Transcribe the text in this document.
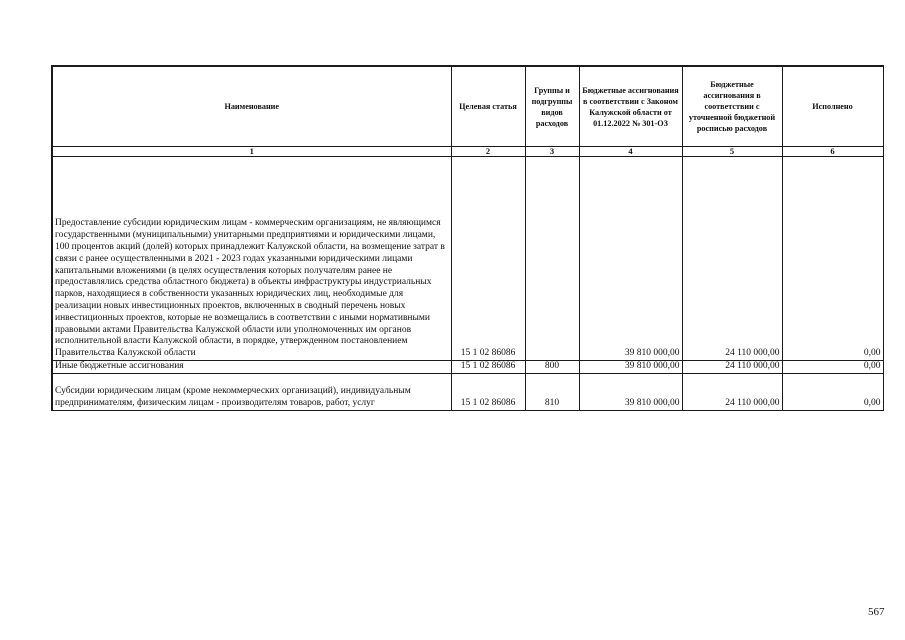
Наименование	Целевая статья	Группы и подгруппы видов расходов	Бюджетные ассигнования в соответствии с Законом Калужской области от 01.12.2022 № 301-ОЗ	Бюджетные ассигнования в соответствии с уточненной бюджетной росписью расходов	Исполнено
1	2	3	4	5	6
Предоставление субсидии юридическим лицам - коммерческим организациям, не являющимся государственными (муниципальными) унитарными предприятиями и юридическими лицами, 100 процентов акций (долей) которых принадлежит Калужской области, на возмещение затрат в связи с ранее осуществленными в 2021 - 2023 годах указанными юридическими лицами капитальными вложениями (в целях осуществления которых получателям ранее не предоставлялись средства областного бюджета) в объекты инфраструктуры индустриальных парков, находящиеся в собственности указанных юридических лиц, необходимые для реализации новых инвестиционных проектов, включенных в сводный перечень новых инвестиционных проектов, которые не возмещались в соответствии с иными нормативными правовыми актами Правительства Калужской области или уполномоченных им органов исполнительной власти Калужской области, в порядке, утвержденном постановлением Правительства Калужской области	15 1 02 86086		39 810 000,00	24 110 000,00	0,00
Иные бюджетные ассигнования	15 1 02 86086	800	39 810 000,00	24 110 000,00	0,00
Субсидии юридическим лицам (кроме некоммерческих организаций), индивидуальным предпринимателям, физическим лицам - производителям товаров, работ, услуг	15 1 02 86086	810	39 810 000,00	24 110 000,00	0,00
567
